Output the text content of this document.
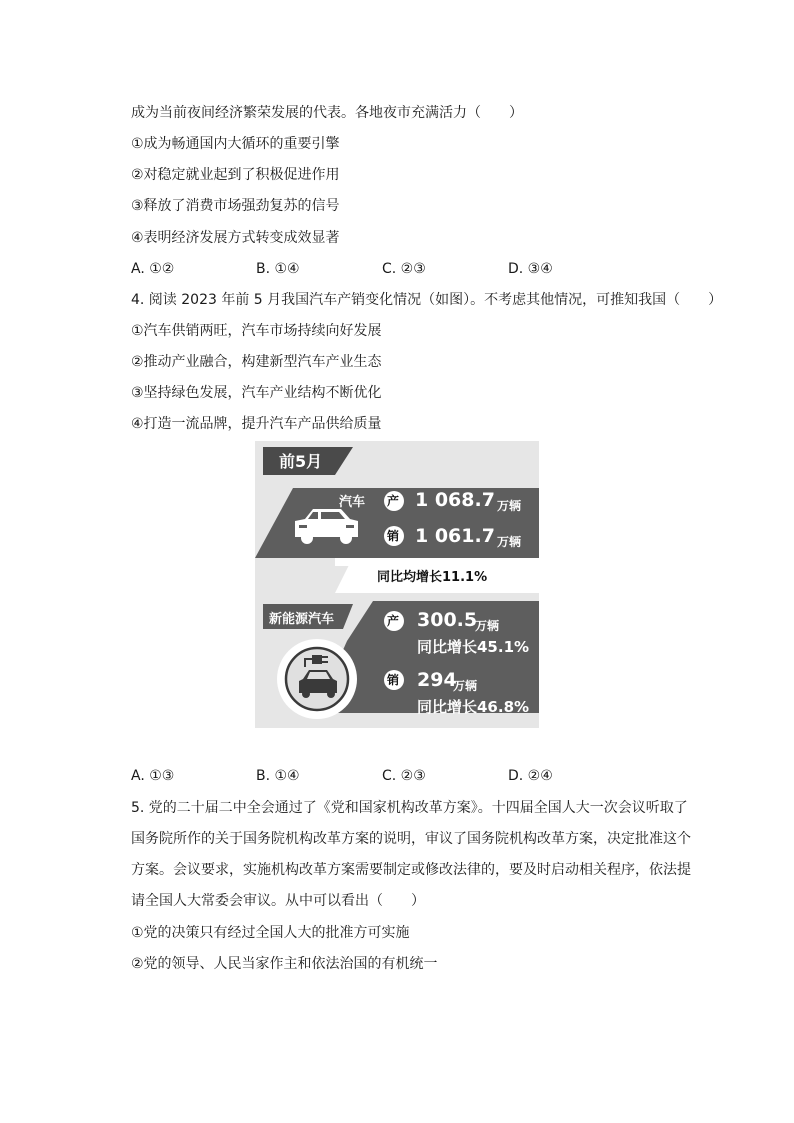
成为当前夜间经济繁荣发展的代表。各地夜市充满活力（　　）
①成为畅通国内大循环的重要引擎
②对稳定就业起到了积极促进作用
③释放了消费市场强劲复苏的信号
④表明经济发展方式转变成效显著
A. ①②	B. ①④	C. ②③	D. ③④
4. 阅读 2023 年前 5 月我国汽车产销变化情况（如图）。不考虑其他情况，可推知我国（　　）
①汽车供销两旺，汽车市场持续向好发展
②推动产业融合，构建新型汽车产业生态
③坚持绿色发展，汽车产业结构不断优化
④打造一流品牌，提升汽车产品供给质量
前5月
汽车 产
销
1 068.7 万辆
1 061.7 万辆
同比均增长11.1%
新能源汽车	产 300.5
万辆
同比增长45.1%
销 294
万辆
同比增长46.8%
A. ①③	B. ①④	C. ②③	D. ②④
5. 党的二十届二中全会通过了《党和国家机构改革方案》。十四届全国人大一次会议听取了
国务院所作的关于国务院机构改革方案的说明，审议了国务院机构改革方案，决定批准这个
方案。会议要求，实施机构改革方案需要制定或修改法律的，要及时启动相关程序，依法提
请全国人大常委会审议。从中可以看出（　　）
①党的决策只有经过全国人大的批准方可实施
②党的领导、人民当家作主和依法治国的有机统一
